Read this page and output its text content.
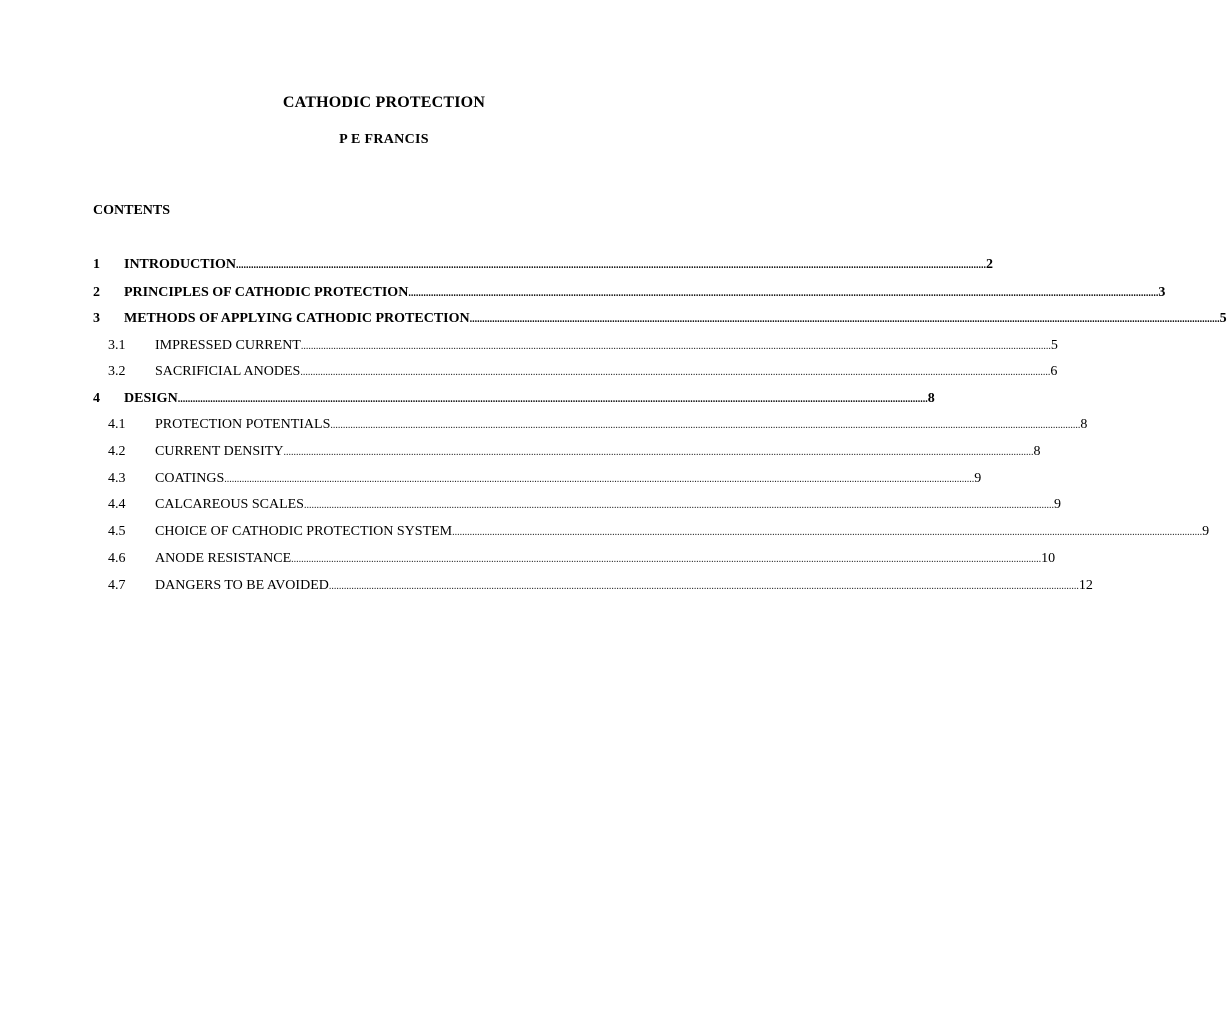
CATHODIC PROTECTION
P E FRANCIS
CONTENTS
1	INTRODUCTION ............................................................................................................................................................................................................................................................................................................ 2
2	PRINCIPLES OF CATHODIC PROTECTION ............................................................................................................................................................................................................................................................................................................ 3
3	METHODS OF APPLYING CATHODIC PROTECTION ............................................................................................................................................................................................................................................................................................................ 5
3.1	IMPRESSED CURRENT ............................................................................................................................................................................................................................................................................................................ 5
3.2	SACRIFICIAL ANODES ............................................................................................................................................................................................................................................................................................................ 6
4	DESIGN ............................................................................................................................................................................................................................................................................................................ 8
4.1	PROTECTION POTENTIALS ............................................................................................................................................................................................................................................................................................................ 8
4.2	CURRENT DENSITY ............................................................................................................................................................................................................................................................................................................ 8
4.3	COATINGS ............................................................................................................................................................................................................................................................................................................ 9
4.4	CALCAREOUS SCALES ............................................................................................................................................................................................................................................................................................................ 9
4.5	CHOICE OF CATHODIC PROTECTION SYSTEM ............................................................................................................................................................................................................................................................................................................ 9
4.6	ANODE RESISTANCE ............................................................................................................................................................................................................................................................................................................ 10
4.7	DANGERS TO BE AVOIDED ............................................................................................................................................................................................................................................................................................................ 12
